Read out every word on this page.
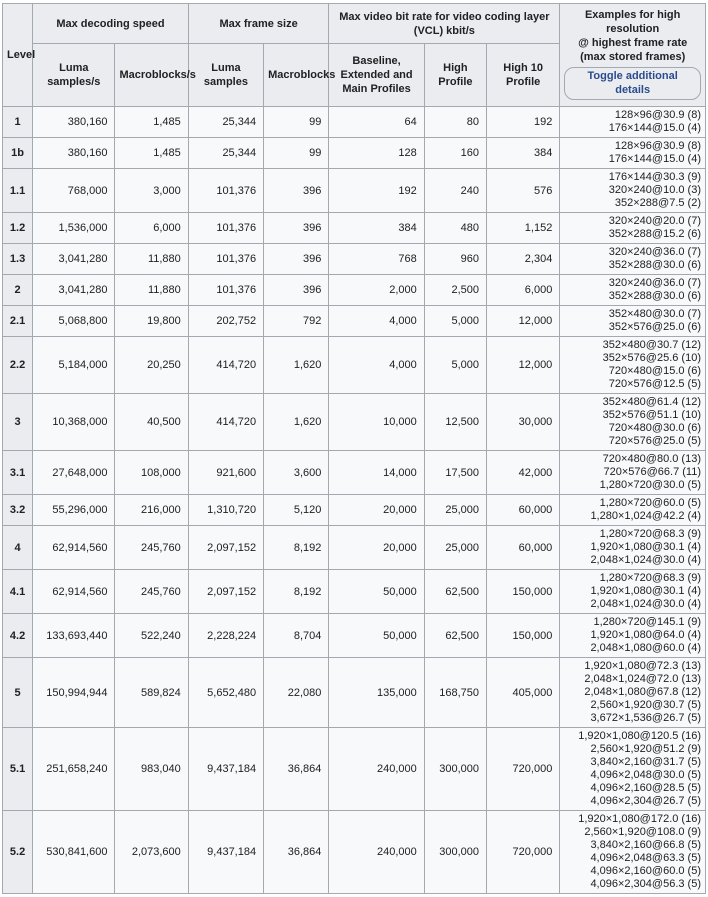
Level	Max decoding speed		Max frame size		Max video bit rate for video coding layer (VCL) kbit/s			Examples for high resolution
@ highest frame rate
(max stored frames)
Toggle additional details
	Luma samples/s	Macroblocks/s	Luma samples	Macroblocks	Baseline, Extended and Main Profiles	High Profile	High 10 Profile	
1	380,160	1,485	25,344	99	64	80	192	128×96@30.9 (8)
176×144@15.0 (4)

1b	380,160	1,485	25,344	99	128	160	384	128×96@30.9 (8)
176×144@15.0 (4)

1.1	768,000	3,000	101,376	396	192	240	576	176×144@30.3 (9)
320×240@10.0 (3)
352×288@7.5 (2)

1.2	1,536,000	6,000	101,376	396	384	480	1,152	320×240@20.0 (7)
352×288@15.2 (6)

1.3	3,041,280	11,880	101,376	396	768	960	2,304	320×240@36.0 (7)
352×288@30.0 (6)

2	3,041,280	11,880	101,376	396	2,000	2,500	6,000	320×240@36.0 (7)
352×288@30.0 (6)

2.1	5,068,800	19,800	202,752	792	4,000	5,000	12,000	352×480@30.0 (7)
352×576@25.0 (6)

2.2	5,184,000	20,250	414,720	1,620	4,000	5,000	12,000	352×480@30.7 (12)
352×576@25.6 (10)
720×480@15.0 (6)
720×576@12.5 (5)

3	10,368,000	40,500	414,720	1,620	10,000	12,500	30,000	352×480@61.4 (12)
352×576@51.1 (10)
720×480@30.0 (6)
720×576@25.0 (5)

3.1	27,648,000	108,000	921,600	3,600	14,000	17,500	42,000	720×480@80.0 (13)
720×576@66.7 (11)
1,280×720@30.0 (5)

3.2	55,296,000	216,000	1,310,720	5,120	20,000	25,000	60,000	1,280×720@60.0 (5)
1,280×1,024@42.2 (4)

4	62,914,560	245,760	2,097,152	8,192	20,000	25,000	60,000	1,280×720@68.3 (9)
1,920×1,080@30.1 (4)
2,048×1,024@30.0 (4)

4.1	62,914,560	245,760	2,097,152	8,192	50,000	62,500	150,000	1,280×720@68.3 (9)
1,920×1,080@30.1 (4)
2,048×1,024@30.0 (4)

4.2	133,693,440	522,240	2,228,224	8,704	50,000	62,500	150,000	1,280×720@145.1 (9)
1,920×1,080@64.0 (4)
2,048×1,080@60.0 (4)

5	150,994,944	589,824	5,652,480	22,080	135,000	168,750	405,000	1,920×1,080@72.3 (13)
2,048×1,024@72.0 (13)
2,048×1,080@67.8 (12)
2,560×1,920@30.7 (5)
3,672×1,536@26.7 (5)

5.1	251,658,240	983,040	9,437,184	36,864	240,000	300,000	720,000	
1,920×1,080@120.5 (16)
2,560×1,920@51.2 (9)
3,840×2,160@31.7 (5)
4,096×2,048@30.0 (5)
4,096×2,160@28.5 (5)
4,096×2,304@26.7 (5)

5.2	530,841,600	2,073,600	9,437,184	36,864	240,000	300,000	720,000	
1,920×1,080@172.0 (16)
2,560×1,920@108.0 (9)
3,840×2,160@66.8 (5)
4,096×2,048@63.3 (5)
4,096×2,160@60.0 (5)
4,096×2,304@56.3 (5)
